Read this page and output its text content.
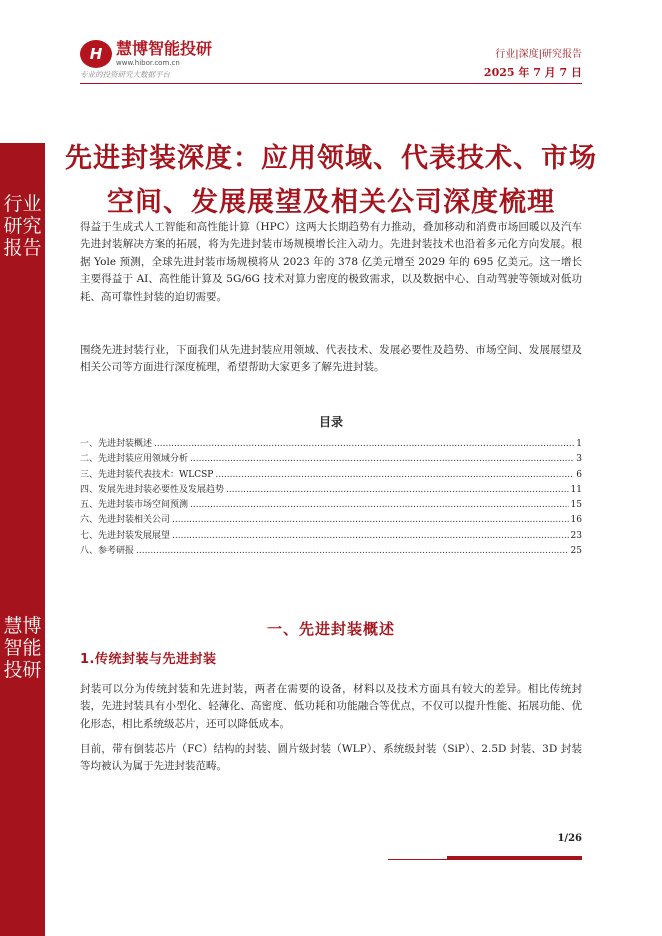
行业研究报告
慧博智能投研
H 慧博智能投研
www.hibor.com.cn
专业的投资研究大数据平台
行业|深度|研究报告
2025 年 7 月 7 日
先进封装深度：应用领域、代表技术、市场
空间、发展展望及相关公司深度梳理

得益于生成式人工智能和高性能计算（HPC）这两大长期趋势有力推动，叠加移动和消费市场回暖以及汽车先进封装解决方案的拓展，将为先进封装市场规模增长注入动力。先进封装技术也沿着多元化方向发展。根据 Yole 预测，全球先进封装市场规模将从 2023 年的 378 亿美元增至 2029 年的 695 亿美元。这一增长主要得益于 AI、高性能计算及 5G/6G 技术对算力密度的极致需求，以及数据中心、自动驾驶等领域对低功耗、高可靠性封装的迫切需要。

围绕先进封装行业，下面我们从先进封装应用领域、代表技术、发展必要性及趋势、市场空间、发展展望及相关公司等方面进行深度梳理，希望帮助大家更多了解先进封装。

目录
一、先进封装概述 .....	1
二、先进封装应用领域分析 .....	3
三、先进封装代表技术：WLCSP .....	6
四、发展先进封装必要性及发展趋势 .....	11
五、先进封装市场空间预测 .....	15
六、先进封装相关公司 .....	16
七、先进封装发展展望 .....	23
八、参考研报 .....	25
一、先进封装概述
1.传统封装与先进封装

封装可以分为传统封装和先进封装，两者在需要的设备，材料以及技术方面具有较大的差异。相比传统封装，先进封装具有小型化、轻薄化、高密度、低功耗和功能融合等优点，不仅可以提升性能、拓展功能、优化形态，相比系统级芯片，还可以降低成本。

目前，带有倒装芯片（FC）结构的封装、圆片级封装（WLP）、系统级封装（SiP）、2.5D 封装、3D 封装等均被认为属于先进封装范畴。

1/26
